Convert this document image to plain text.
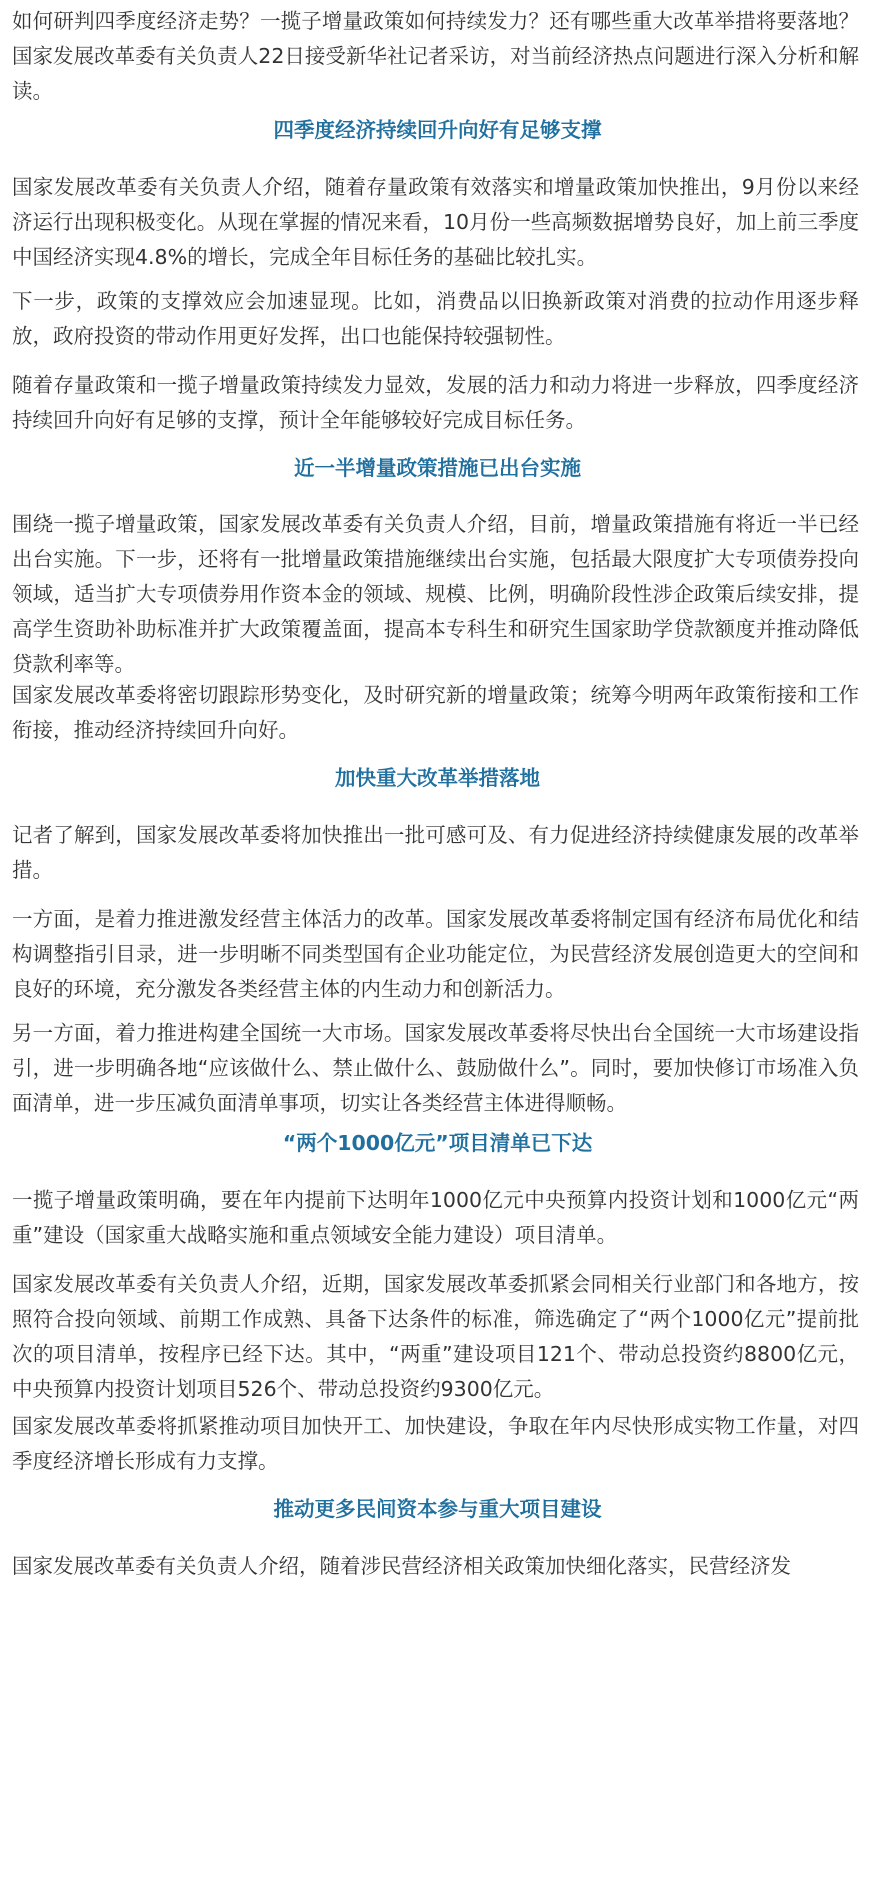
如何研判四季度经济走势？一揽子增量政策如何持续发力？还有哪些重大改革举措将要落地？国家发展改革委有关负责人22日接受新华社记者采访，对当前经济热点问题进行深入分析和解读。

四季度经济持续回升向好有足够支撑

国家发展改革委有关负责人介绍，随着存量政策有效落实和增量政策加快推出，9月份以来经济运行出现积极变化。从现在掌握的情况来看，10月份一些高频数据增势良好，加上前三季度中国经济实现4.8%的增长，完成全年目标任务的基础比较扎实。

下一步，政策的支撑效应会加速显现。比如，消费品以旧换新政策对消费的拉动作用逐步释放，政府投资的带动作用更好发挥，出口也能保持较强韧性。

随着存量政策和一揽子增量政策持续发力显效，发展的活力和动力将进一步释放，四季度经济持续回升向好有足够的支撑，预计全年能够较好完成目标任务。

近一半增量政策措施已出台实施

围绕一揽子增量政策，国家发展改革委有关负责人介绍，目前，增量政策措施有将近一半已经出台实施。下一步，还将有一批增量政策措施继续出台实施，包括最大限度扩大专项债券投向领域，适当扩大专项债券用作资本金的领域、规模、比例，明确阶段性涉企政策后续安排，提高学生资助补助标准并扩大政策覆盖面，提高本专科生和研究生国家助学贷款额度并推动降低贷款利率等。

国家发展改革委将密切跟踪形势变化，及时研究新的增量政策；统筹今明两年政策衔接和工作衔接，推动经济持续回升向好。

加快重大改革举措落地

记者了解到，国家发展改革委将加快推出一批可感可及、有力促进经济持续健康发展的改革举措。

一方面，是着力推进激发经营主体活力的改革。国家发展改革委将制定国有经济布局优化和结构调整指引目录，进一步明晰不同类型国有企业功能定位，为民营经济发展创造更大的空间和良好的环境，充分激发各类经营主体的内生动力和创新活力。

另一方面，着力推进构建全国统一大市场。国家发展改革委将尽快出台全国统一大市场建设指引，进一步明确各地“应该做什么、禁止做什么、鼓励做什么”。同时，要加快修订市场准入负面清单，进一步压减负面清单事项，切实让各类经营主体进得顺畅。

“两个1000亿元”项目清单已下达

一揽子增量政策明确，要在年内提前下达明年1000亿元中央预算内投资计划和1000亿元“两重”建设（国家重大战略实施和重点领域安全能力建设）项目清单。

国家发展改革委有关负责人介绍，近期，国家发展改革委抓紧会同相关行业部门和各地方，按照符合投向领域、前期工作成熟、具备下达条件的标准，筛选确定了“两个1000亿元”提前批次的项目清单，按程序已经下达。其中，“两重”建设项目121个、带动总投资约8800亿元，中央预算内投资计划项目526个、带动总投资约9300亿元。

国家发展改革委将抓紧推动项目加快开工、加快建设，争取在年内尽快形成实物工作量，对四季度经济增长形成有力支撑。

推动更多民间资本参与重大项目建设

国家发展改革委有关负责人介绍，随着涉民营经济相关政策加快细化落实，民营经济发
